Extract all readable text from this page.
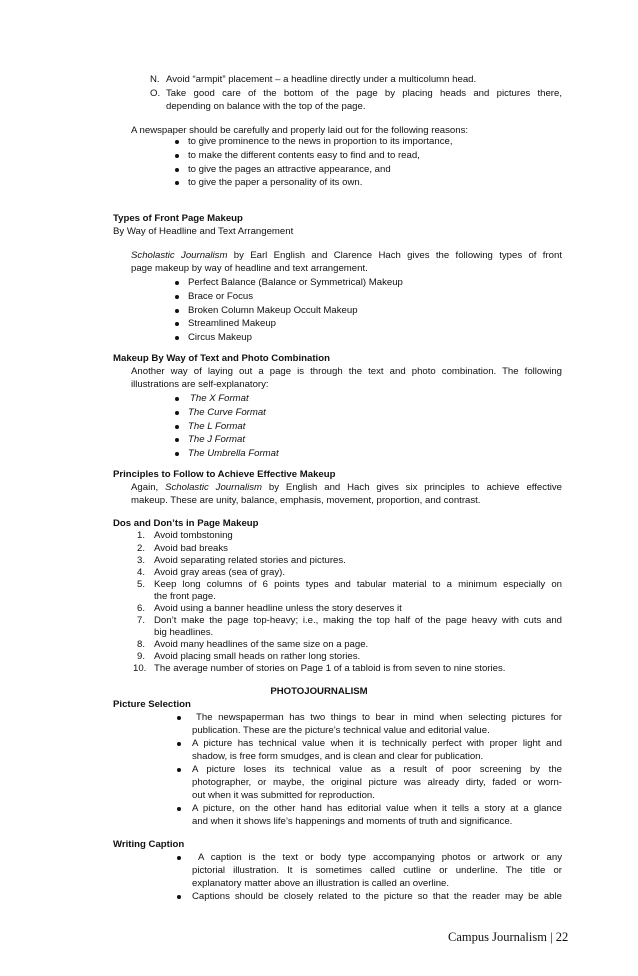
N. Avoid “armpit” placement – a headline directly under a multicolumn head.
O. Take good care of the bottom of the page by placing heads and pictures there,
depending on balance with the top of the page.
A newspaper should be carefully and properly laid out for the following reasons:
to give prominence to the news in proportion to its importance,
to make the different contents easy to find and to read,
to give the pages an attractive appearance, and
to give the paper a personality of its own.
Types of Front Page Makeup
By Way of Headline and Text Arrangement
Scholastic Journalism by Earl English and Clarence Hach gives the following types of front
page makeup by way of headline and text arrangement.
Perfect Balance (Balance or Symmetrical) Makeup
Brace or Focus
Broken Column Makeup Occult Makeup
Streamlined Makeup
Circus Makeup
Makeup By Way of Text and Photo Combination
Another way of laying out a page is through the text and photo combination. The following
illustrations are self-explanatory:
The X Format
The Curve Format
The L Format
The J Format
The Umbrella Format
Principles to Follow to Achieve Effective Makeup
Again, Scholastic Journalism by English and Hach gives six principles to achieve effective
makeup. These are unity, balance, emphasis, movement, proportion, and contrast.
Dos and Don’ts in Page Makeup
1. Avoid tombstoning
2. Avoid bad breaks
3. Avoid separating related stories and pictures.
4. Avoid gray areas (sea of gray).
5. Keep long columns of 6 points types and tabular material to a minimum especially on
the front page.
6. Avoid using a banner headline unless the story deserves it
7. Don’t make the page top-heavy; i.e., making the top half of the page heavy with cuts and
big headlines.
8. Avoid many headlines of the same size on a page.
9. Avoid placing small heads on rather long stories.
10. The average number of stories on Page 1 of a tabloid is from seven to nine stories.
PHOTOJOURNALISM
Picture Selection
The newspaperman has two things to bear in mind when selecting pictures for
publication. These are the picture’s technical value and editorial value.
A picture has technical value when it is technically perfect with proper light and
shadow, is free form smudges, and is clean and clear for publication.
A picture loses its technical value as a result of poor screening by the
photographer, or maybe, the original picture was already dirty, faded or worn-
out when it was submitted for reproduction.
A picture, on the other hand has editorial value when it tells a story at a glance
and when it shows life’s happenings and moments of truth and significance.
Writing Caption
A caption is the text or body type accompanying photos or artwork or any
pictorial illustration. It is sometimes called cutline or underline. The title or
explanatory matter above an illustration is called an overline.
Captions should be closely related to the picture so that the reader may be able
Campus Journalism | 22
